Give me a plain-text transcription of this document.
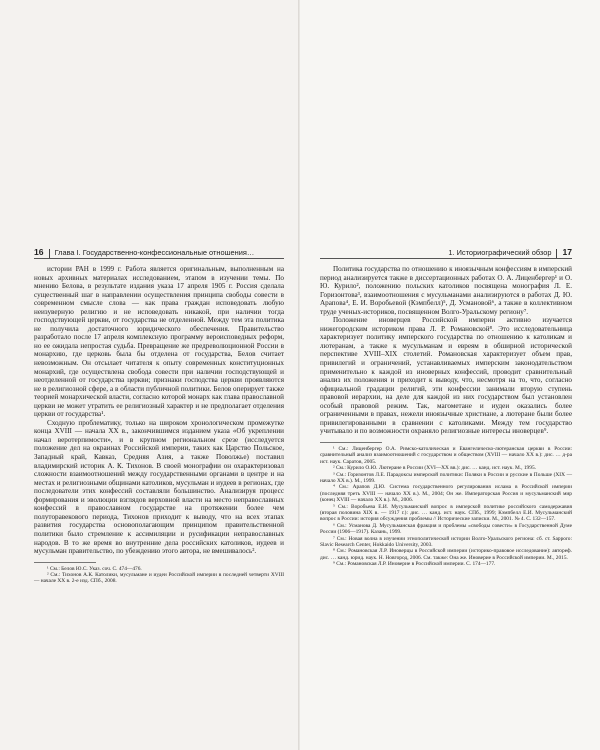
16 Глава I. Государственно-конфессиональные отношения…

истории РАН в 1999 г. Работа является оригинальным, выполненным на новых архивных материалах исследованием, этапом в изучении темы. По мнению Белова, в результате издания указа 17 апреля 1905 г. Россия сделала существенный шаг в направлении осуществления принципа свободы совести в современном смысле слова — как права граждан исповедовать любую неизуверную религию и не исповедовать никакой, при наличии тогда господствующей церкви, от государства не отделенной. Между тем эта политика не получила достаточного юридического обеспечения. Правительство разработало после 17 апреля комплексную программу вероисповедных реформ, но ее ожидала непростая судьба. Превращение же предреволюционной России в монархию, где церковь была бы отделена от государства, Белов считает невозможным. Он отсылает читателя к опыту современных конституционных монархий, где осуществлена свобода совести при наличии господствующей и неотделенной от государства церкви; признаки господства церкви проявляются не в религиозной сфере, а в области публичной политики. Белов оперирует также теорией монархической власти, согласно которой монарх как глава православной церкви не может утратить ее религиозный характер и не предполагает отделения церкви от государства¹.

Сходную проблематику, только на широком хронологическом промежутке конца XVIII — начала XX в., закончившимся изданием указа «Об укреплении начал веротерпимости», и в крупном региональном срезе (исследуется положение дел на окраинах Российской империи, таких как Царство Польское, Западный край, Кавказ, Средняя Азия, а также Поволжье) поставил владимирский историк А. К. Тихонов. В своей монографии он охарактеризовал сложности взаимоотношений между государственными органами в центре и на местах и религиозными общинами католиков, мусульман и иудеев в регионах, где последователи этих конфессий составляли большинство. Анализируя процесс формирования и эволюции взглядов верховной власти на место неправославных конфессий в православном государстве на протяжении более чем полуторавекового периода, Тихонов приходит к выводу, что на всех этапах развития государства основополагающим принципом правительственной политики было стремление к ассимиляции и русификации неправославных народов. В то же время во внутренние дела российских католиков, иудеев и мусульман правительство, по убеждению этого автора, не вмешивалось².

¹ См.: Белов Ю.С. Указ. соч. С. 474—476.

² См.: Тихонов А.К. Католики, мусульмане и иудеи Российской империи в последней четверти XVIII — начале XX в. 2-е изд. СПб., 2008.

1. Историографический обзор 17

Политика государства по отношению к иноязычным конфессиям в имперский период анализируется также в диссертационных работах О. А. Лиценбергер¹ и О. Ю. Курило², положению польских католиков посвящена монография Л. Е. Горизонтова³, взаимоотношения с мусульманами анализируются в работах Д. Ю. Арапова⁴, Е. И. Воробьевой (Кэмпбелл)⁵, Д. Усмановой⁶, а также в коллективном труде ученых-историков, посвященном Волго-Уральскому региону⁷.

Положение иноверцев Российской империи активно изучается нижегородским историком права Л. Р. Романовской⁸. Это исследовательница характеризует политику имперского государства по отношению к католикам и лютеранам, а также к мусульманам и евреям в обширной исторической перспективе XVIII–XIX столетий. Романовская характеризует объем прав, привилегий и ограничений, устанавливаемых имперским законодательством применительно к каждой из иноверных конфессий, проводит сравнительный анализ их положения и приходит к выводу, что, несмотря на то, что, согласно официальной градации религий, эти конфессии занимали вторую ступень правовой иерархии, на деле для каждой из них государством был установлен особый правовой режим. Так, магометане и иудеи оказались более ограниченными в правах, нежели иноязычные христиане, а лютеране были более привилегированными в сравнении с католиками. Между тем государство учитывало и по возможности охраняло религиозные интересы иноверцев⁹.

¹ См.: Лиценбергер О.А. Римско-католическая и Евангелическо-лютеранская церкви в России: сравнительный анализ взаимоотношений с государством и обществом (XVIII — начало XX в.): дис. … д-ра ист. наук. Саратов, 2005.

² См.: Курило О.Ю. Лютеране в России (XVI—XX вв.): дис. … канд. ист. наук. М., 1995.

³ См.: Горизонтов Л.Е. Парадоксы имперской политики: Поляки в России и русские в Польше (XIX — начало XX в.). М., 1999.

⁴ См.: Арапов Д.Ю. Система государственного регулирования ислама в Российской империи (последняя треть XVIII — начало XX в.). М., 2004; Он же. Императорская Россия и мусульманский мир (конец XVIII — начало XX в.). М., 2006.

⁵ См.: Воробьева Е.И. Мусульманский вопрос в имперской политике российского самодержавия (вторая половина XIX в. — 1917 г.): дис. … канд. ист. наук. СПб., 1999; Кэмпбелл Е.И. Мусульманский вопрос в России: история обсуждения проблемы // Исторические записки. М., 2001. № 4. С. 132—157.

⁶ См.: Усманова Д. Мусульманская фракция и проблемы «свободы совести» в Государственной Думе России (1906—1917). Казань, 1999.

⁷ См.: Новая волна в изучении этнополитической истории Волго-Уральского региона: сб. ст. Sapporo: Slavic Research Center, Hokkaido University, 2003.

⁸ См.: Романовская Л.Р. Иноверцы в Российской империи (историко-правовое исследование): автореф. дис. … канд. юрид. наук. Н. Новгород, 2006. См. также: Она же. Иноверие в Российской империи. М., 2015.

⁹ См.: Романовская Л.Р. Иноверие в Российской империи. С. 174—177.
